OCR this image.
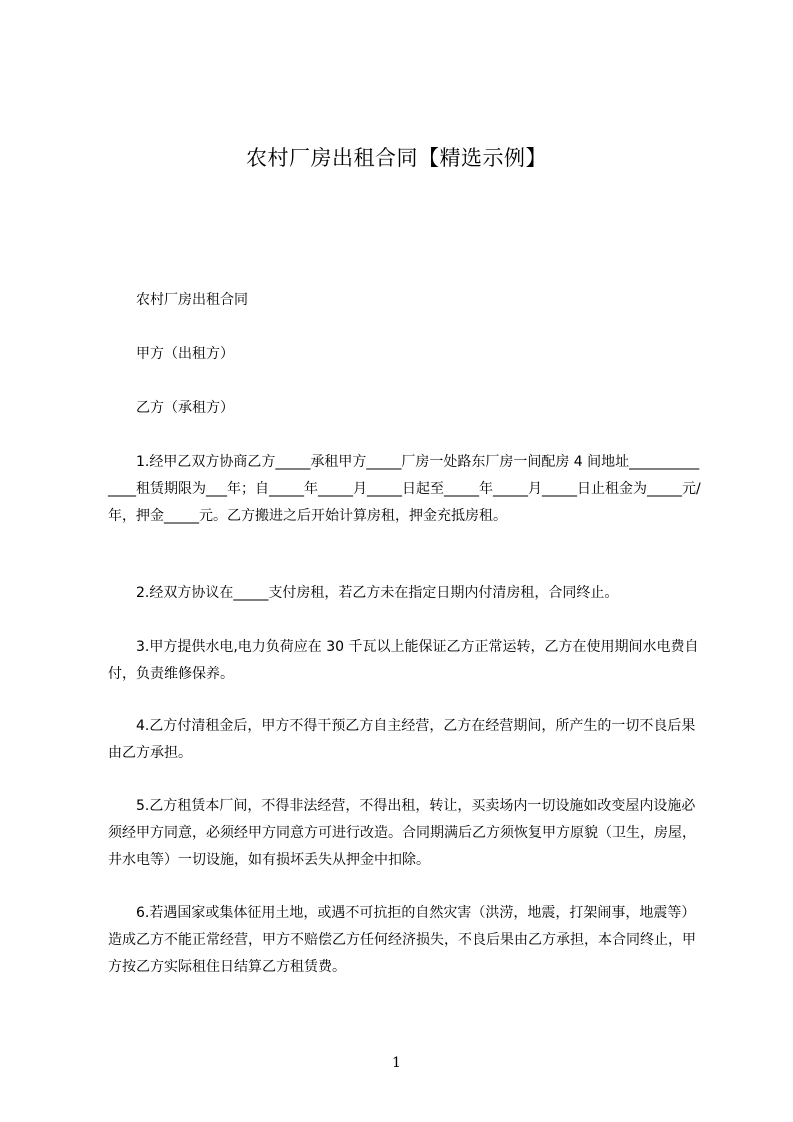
农村厂房出租合同【精选示例】
农村厂房出租合同
甲方（出租方）
乙方（承租方）
1.经甲乙双方协商乙方_____承租甲方_____厂房一处路东厂房一间配房 4 间地址______________租赁期限为___年；自_____年_____月_____日起至_____年_____月_____日止租金为_____元/年，押金_____元。乙方搬进之后开始计算房租，押金充抵房租。
2.经双方协议在_____支付房租，若乙方未在指定日期内付清房租，合同终止。
3.甲方提供水电,电力负荷应在 30 千瓦以上能保证乙方正常运转，乙方在使用期间水电费自付，负责维修保养。
4.乙方付清租金后，甲方不得干预乙方自主经营，乙方在经营期间，所产生的一切不良后果由乙方承担。
5.乙方租赁本厂间，不得非法经营，不得出租，转让，买卖场内一切设施如改变屋内设施必须经甲方同意，必须经甲方同意方可进行改造。合同期满后乙方须恢复甲方原貌（卫生，房屋，井水电等）一切设施，如有损坏丢失从押金中扣除。
6.若遇国家或集体征用土地，或遇不可抗拒的自然灾害（洪涝，地震，打架闹事，地震等）造成乙方不能正常经营，甲方不赔偿乙方任何经济损失，不良后果由乙方承担，本合同终止，甲方按乙方实际租住日结算乙方租赁费。
1
